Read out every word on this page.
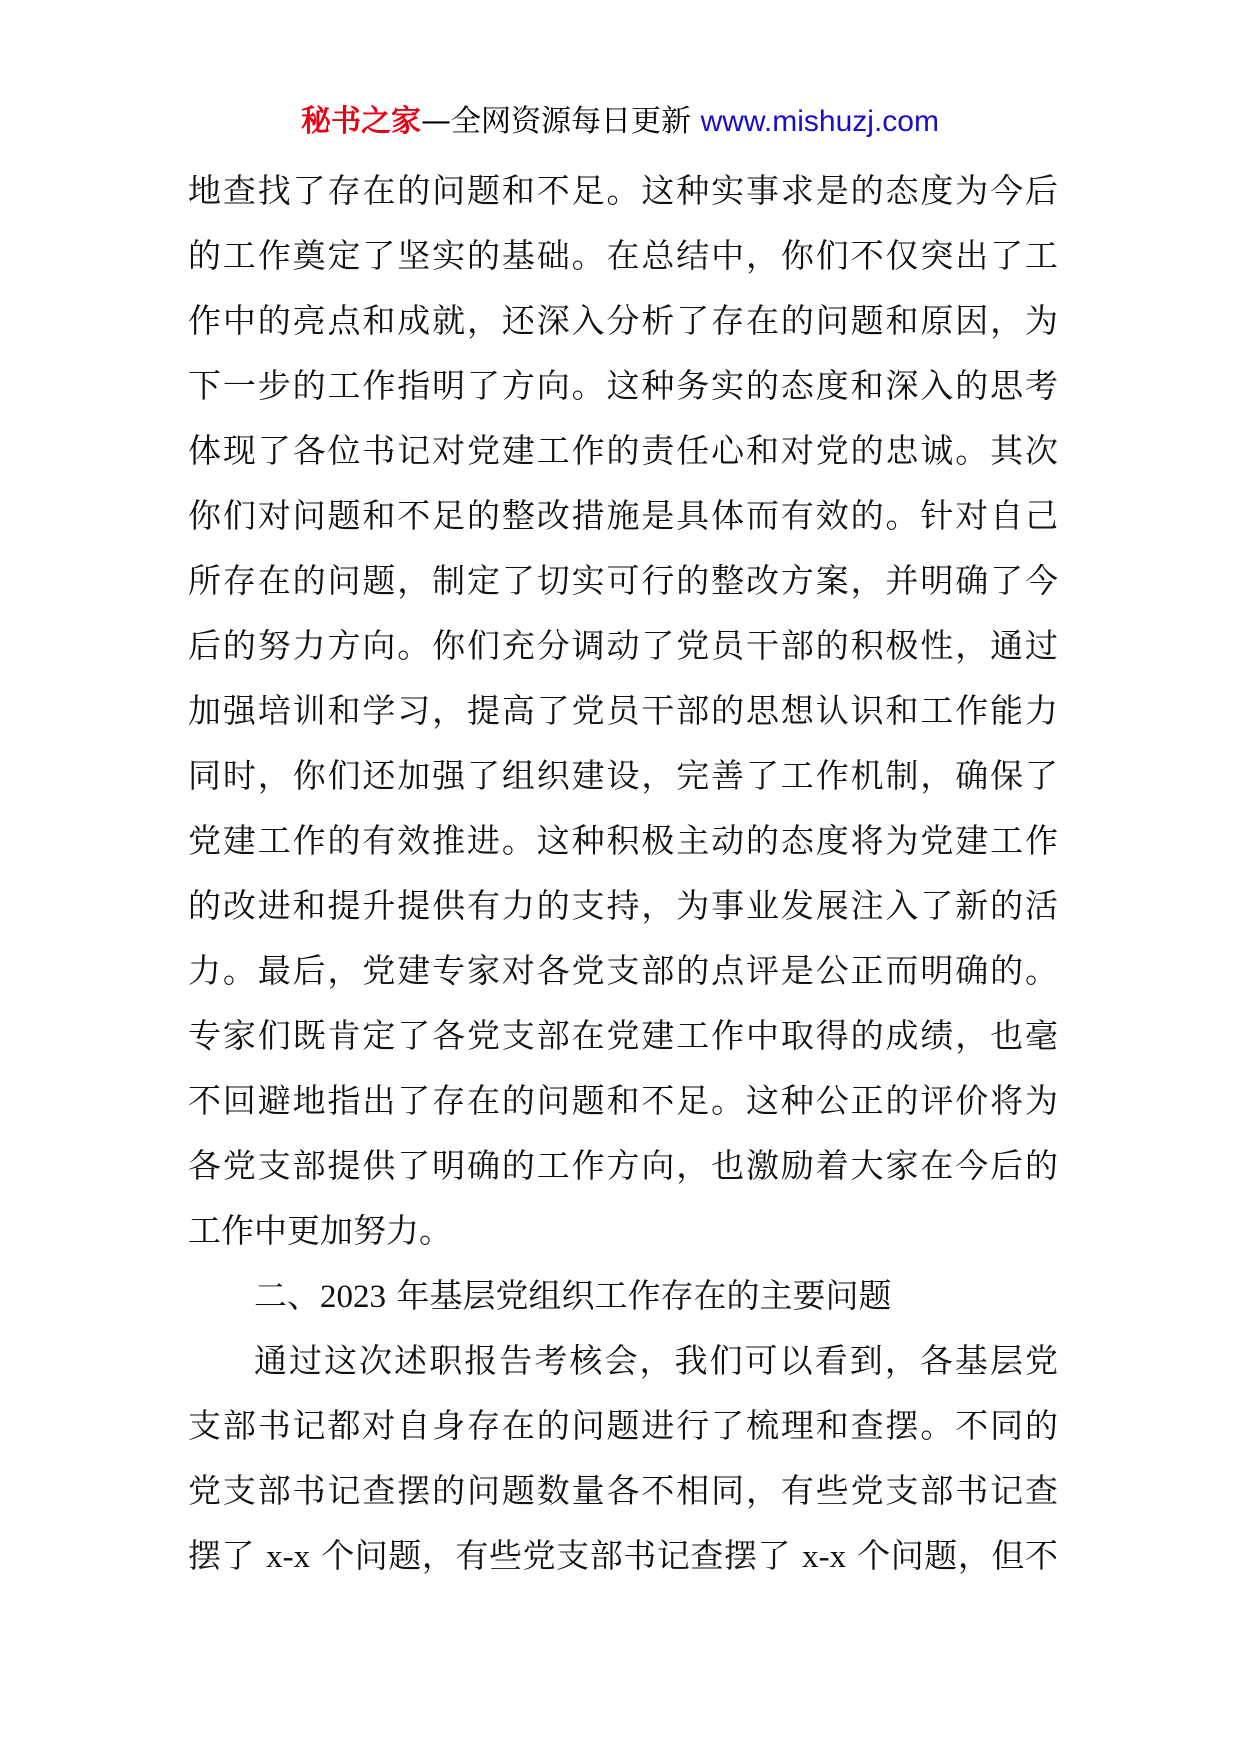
秘书之家—全网资源每日更新 www.mishuzj.com
地查找了存在的问题和不足。这种实事求是的态度为今后
的工作奠定了坚实的基础。在总结中，你们不仅突出了工
作中的亮点和成就，还深入分析了存在的问题和原因，为
下一步的工作指明了方向。这种务实的态度和深入的思考
体现了各位书记对党建工作的责任心和对党的忠诚。其次
你们对问题和不足的整改措施是具体而有效的。针对自己
所存在的问题，制定了切实可行的整改方案，并明确了今
后的努力方向。你们充分调动了党员干部的积极性，通过
加强培训和学习，提高了党员干部的思想认识和工作能力
同时，你们还加强了组织建设，完善了工作机制，确保了
党建工作的有效推进。这种积极主动的态度将为党建工作
的改进和提升提供有力的支持，为事业发展注入了新的活
力。最后，党建专家对各党支部的点评是公正而明确的。
专家们既肯定了各党支部在党建工作中取得的成绩，也毫
不回避地指出了存在的问题和不足。这种公正的评价将为
各党支部提供了明确的工作方向，也激励着大家在今后的
工作中更加努力。
二、2023 年基层党组织工作存在的主要问题
通过这次述职报告考核会，我们可以看到，各基层党
支部书记都对自身存在的问题进行了梳理和查摆。不同的
党支部书记查摆的问题数量各不相同，有些党支部书记查
摆了 x-x 个问题，有些党支部书记查摆了 x-x 个问题，但不
